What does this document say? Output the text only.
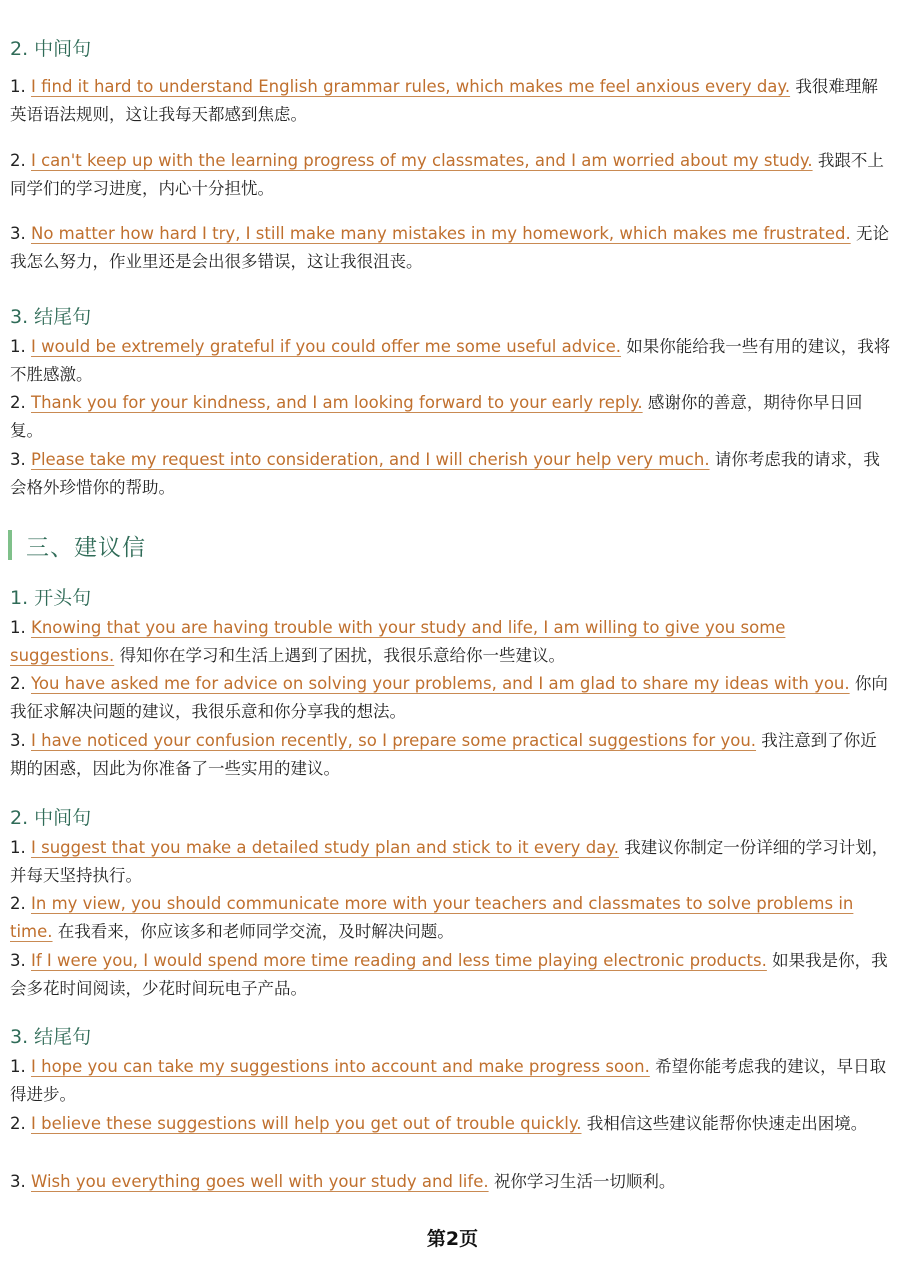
2. 中间句
1. I find it hard to understand English grammar rules, which makes me feel anxious every day. 我很难理解英语语法规则，这让我每天都感到焦虑。
2. I can't keep up with the learning progress of my classmates, and I am worried about my study. 我跟不上同学们的学习进度，内心十分担忧。
3. No matter how hard I try, I still make many mistakes in my homework, which makes me frustrated. 无论我怎么努力，作业里还是会出很多错误，这让我很沮丧。
3. 结尾句
1. I would be extremely grateful if you could offer me some useful advice. 如果你能给我一些有用的建议，我将不胜感激。
2. Thank you for your kindness, and I am looking forward to your early reply. 感谢你的善意，期待你早日回复。
3. Please take my request into consideration, and I will cherish your help very much. 请你考虑我的请求，我会格外珍惜你的帮助。
三、建议信
1. 开头句
1. Knowing that you are having trouble with your study and life, I am willing to give you some suggestions. 得知你在学习和生活上遇到了困扰，我很乐意给你一些建议。
2. You have asked me for advice on solving your problems, and I am glad to share my ideas with you. 你向我征求解决问题的建议，我很乐意和你分享我的想法。
3. I have noticed your confusion recently, so I prepare some practical suggestions for you. 我注意到了你近期的困惑，因此为你准备了一些实用的建议。
2. 中间句
1. I suggest that you make a detailed study plan and stick to it every day. 我建议你制定一份详细的学习计划，并每天坚持执行。
2. In my view, you should communicate more with your teachers and classmates to solve problems in time. 在我看来，你应该多和老师同学交流，及时解决问题。
3. If I were you, I would spend more time reading and less time playing electronic products. 如果我是你，我会多花时间阅读，少花时间玩电子产品。
3. 结尾句
1. I hope you can take my suggestions into account and make progress soon. 希望你能考虑我的建议，早日取得进步。
2. I believe these suggestions will help you get out of trouble quickly. 我相信这些建议能帮你快速走出困境。
3. Wish you everything goes well with your study and life. 祝你学习生活一切顺利。
第2页
